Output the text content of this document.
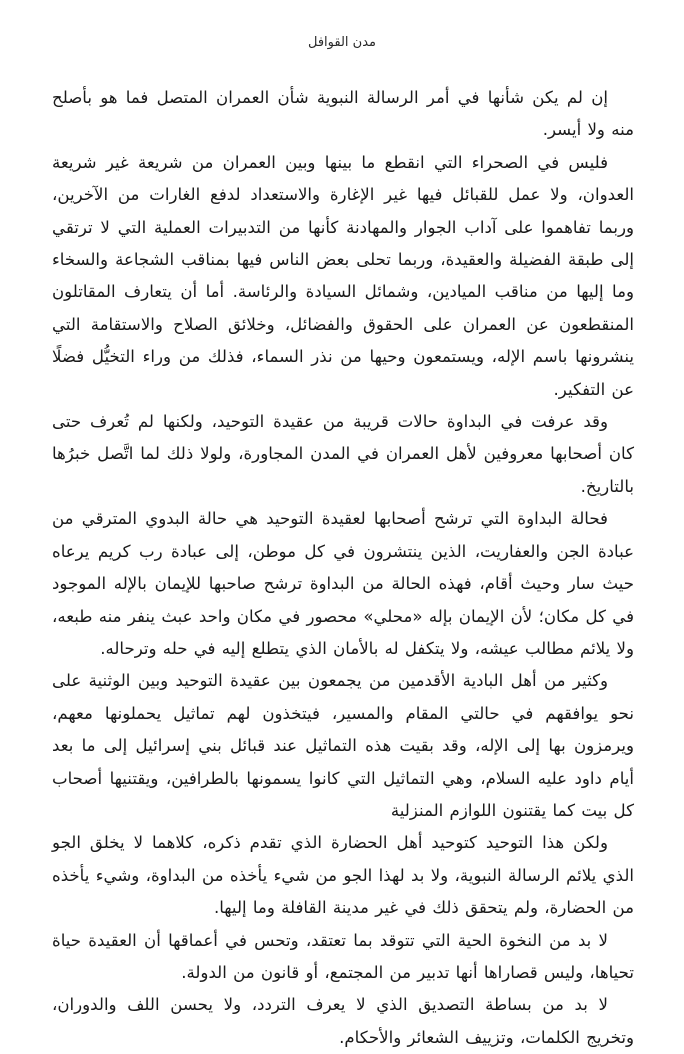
مدن القوافل

إن لم يكن شأنها في أمر الرسالة النبوية شأن العمران المتصل فما هو بأصلح منه ولا أيسر.

فليس في الصحراء التي انقطع ما بينها وبين العمران من شريعة غير شريعة العدوان، ولا عمل للقبائل فيها غير الإغارة والاستعداد لدفع الغارات من الآخرين، وربما تفاهموا على آداب الجوار والمهادنة كأنها من التدبيرات العملية التي لا ترتقي إلى طبقة الفضيلة والعقيدة، وربما تحلى بعض الناس فيها بمناقب الشجاعة والسخاء وما إليها من مناقب الميادين، وشمائل السيادة والرئاسة. أما أن يتعارف المقاتلون المنقطعون عن العمران على الحقوق والفضائل، وخلائق الصلاح والاستقامة التي ينشرونها باسم الإله، ويستمعون وحيها من نذر السماء، فذلك من وراء التخيُّل فضلًا عن التفكير.

وقد عرفت في البداوة حالات قريبة من عقيدة التوحيد، ولكنها لم تُعرف حتى كان أصحابها معروفين لأهل العمران في المدن المجاورة، ولولا ذلك لما اتَّصل خبرُها بالتاريخ.

فحالة البداوة التي ترشح أصحابها لعقيدة التوحيد هي حالة البدوي المترقي من عبادة الجن والعفاريت، الذين ينتشرون في كل موطن، إلى عبادة رب كريم يرعاه حيث سار وحيث أقام، فهذه الحالة من البداوة ترشح صاحبها للإيمان بالإله الموجود في كل مكان؛ لأن الإيمان بإله «محلي» محصور في مكان واحد عبث ينفر منه طبعه، ولا يلائم مطالب عيشه، ولا يتكفل له بالأمان الذي يتطلع إليه في حله وترحاله.

وكثير من أهل البادية الأقدمين من يجمعون بين عقيدة التوحيد وبين الوثنية على نحو يوافقهم في حالتي المقام والمسير، فيتخذون لهم تماثيل يحملونها معهم، ويرمزون بها إلى الإله، وقد بقيت هذه التماثيل عند قبائل بني إسرائيل إلى ما بعد أيام داود عليه السلام، وهي التماثيل التي كانوا يسمونها بالطرافين، ويقتنيها أصحاب كل بيت كما يقتنون اللوازم المنزلية

ولكن هذا التوحيد كتوحيد أهل الحضارة الذي تقدم ذكره، كلاهما لا يخلق الجو الذي يلائم الرسالة النبوية، ولا بد لهذا الجو من شيء يأخذه من البداوة، وشيء يأخذه من الحضارة، ولم يتحقق ذلك في غير مدينة القافلة وما إليها.

لا بد من النخوة الحية التي تتوقد بما تعتقد، وتحس في أعماقها أن العقيدة حياة تحياها، وليس قصاراها أنها تدبير من المجتمع، أو قانون من الدولة.

لا بد من بساطة التصديق الذي لا يعرف التردد، ولا يحسن اللف والدوران، وتخريج الكلمات، وتزييف الشعائر والأحكام.
